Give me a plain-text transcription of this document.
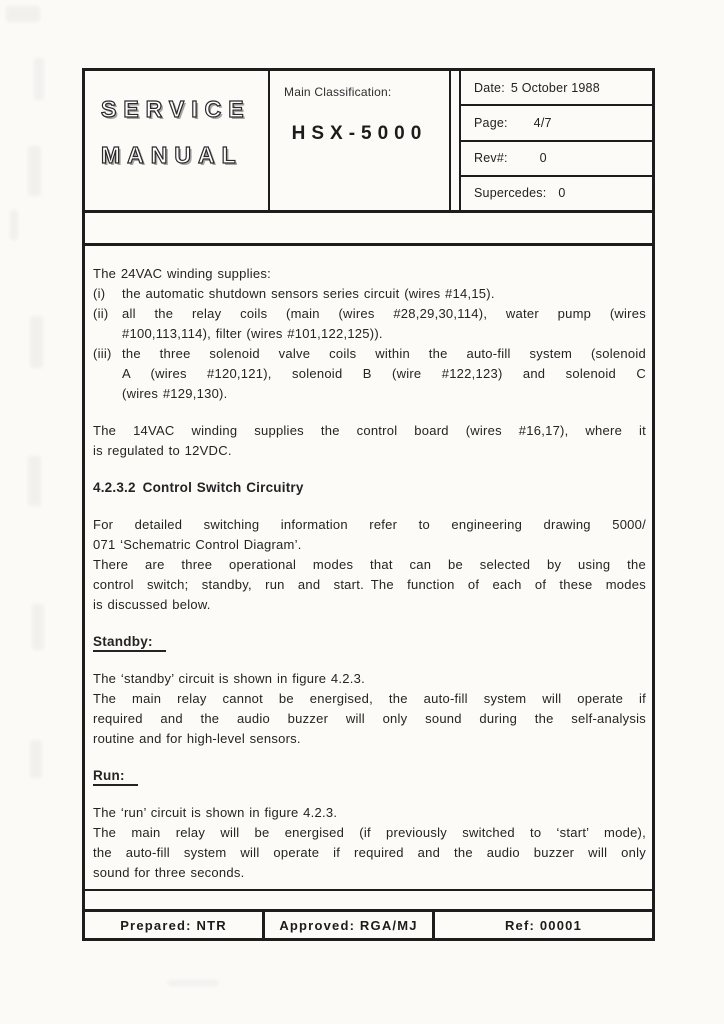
SERVICE
MANUAL
Main Classification:
HSX-5000
Date: 5 October 1988
Page: 4/7
Rev#:	0
Supercedes: 0
The 24VAC winding supplies:
(i)	the automatic shutdown sensors series circuit (wires #14,15).
(ii)	all the relay coils (main (wires #28,29,30,114), water pump (wires
#100,113,114), filter (wires #101,122,125)).
(iii) the three solenoid valve coils within the auto-fill system (solenoid
A (wires #120,121), solenoid B (wire #122,123) and solenoid C
(wires #129,130).
The 14VAC winding supplies the control board (wires #16,17), where it
is regulated to 12VDC.
4.2.3.2 Control Switch Circuitry
For detailed switching information refer to engineering drawing 5000/
071 ‘Schematric Control Diagram’.
There are three operational modes that can be selected by using the
control switch; standby, run and start. The function of each of these modes
is discussed below.
Standby:
The ‘standby’ circuit is shown in figure 4.2.3.
The main relay cannot be energised, the auto-fill system will operate if
required and the audio buzzer will only sound during the self-analysis
routine and for high-level sensors.
Run:
The ‘run’ circuit is shown in figure 4.2.3.
The main relay will be energised (if previously switched to ‘start’ mode),
the auto-fill system will operate if required and the audio buzzer will only
sound for three seconds.
Prepared: NTR	Approved: RGA/MJ	Ref: 00001
